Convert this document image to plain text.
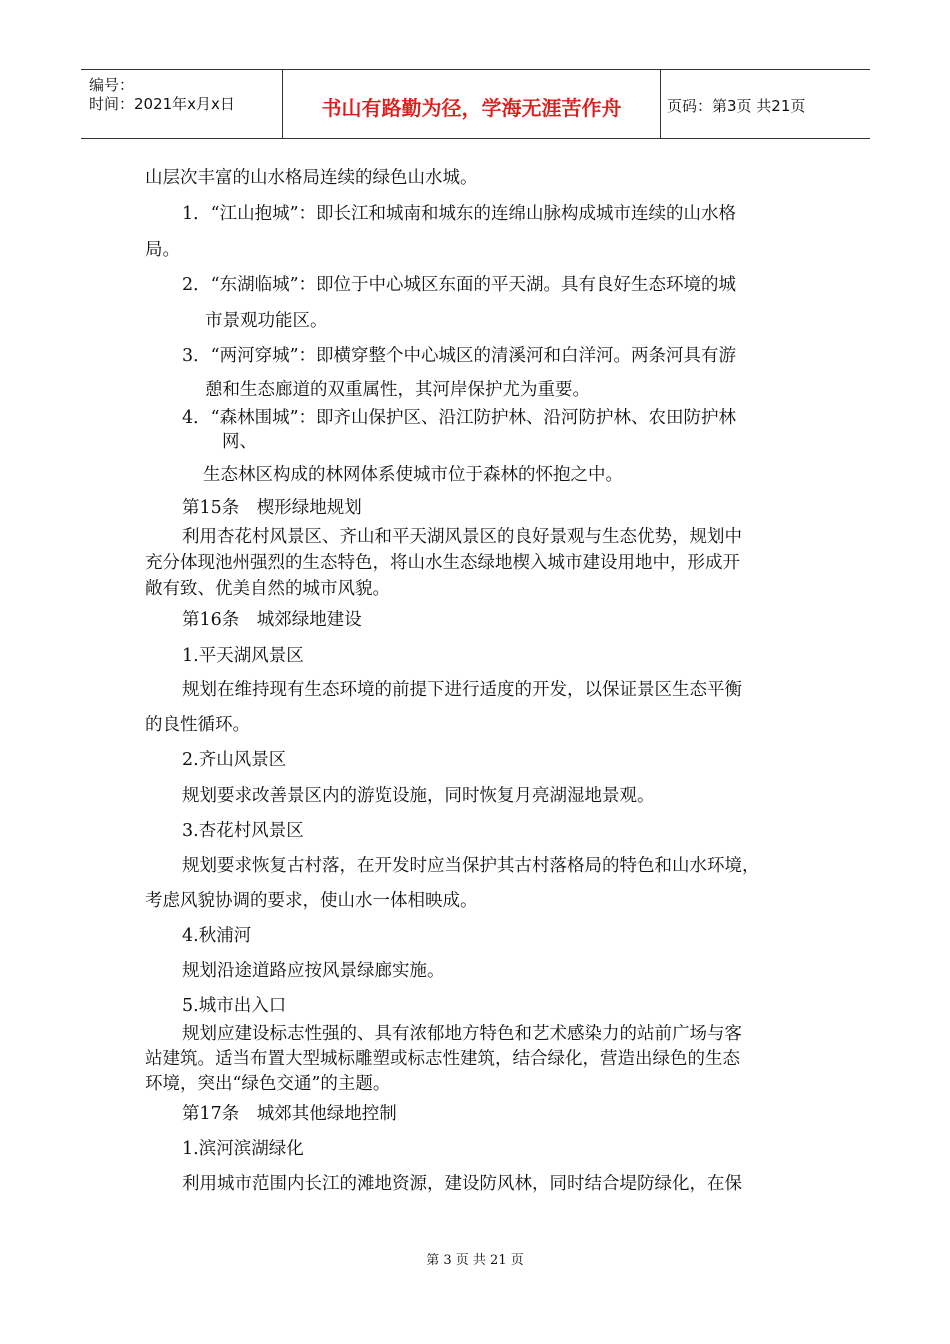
编号：
时间：2021年x月x日	书山有路勤为径，学海无涯苦作舟	页码：第3页 共21页
山层次丰富的山水格局连续的绿色山水城。
1．“江山抱城”：即长江和城南和城东的连绵山脉构成城市连续的山水格
局。
2．“东湖临城”：即位于中心城区东面的平天湖。具有良好生态环境的城
市景观功能区。
3．“两河穿城”：即横穿整个中心城区的清溪河和白洋河。两条河具有游
憩和生态廊道的双重属性，其河岸保护尤为重要。
4．“森林围城”：即齐山保护区、沿江防护林、沿河防护林、农田防护林
网、
生态林区构成的林网体系使城市位于森林的怀抱之中。
第15条　楔形绿地规划
利用杏花村风景区、齐山和平天湖风景区的良好景观与生态优势，规划中
充分体现池州强烈的生态特色，将山水生态绿地楔入城市建设用地中，形成开
敞有致、优美自然的城市风貌。
第16条　城郊绿地建设
1.平天湖风景区
规划在维持现有生态环境的前提下进行适度的开发，以保证景区生态平衡
的良性循环。
2.齐山风景区
规划要求改善景区内的游览设施，同时恢复月亮湖湿地景观。
3.杏花村风景区
规划要求恢复古村落，在开发时应当保护其古村落格局的特色和山水环境，
考虑风貌协调的要求，使山水一体相映成。
4.秋浦河
规划沿途道路应按风景绿廊实施。
5.城市出入口
规划应建设标志性强的、具有浓郁地方特色和艺术感染力的站前广场与客
站建筑。适当布置大型城标雕塑或标志性建筑，结合绿化，营造出绿色的生态
环境，突出“绿色交通”的主题。
第17条　城郊其他绿地控制
1.滨河滨湖绿化
利用城市范围内长江的滩地资源，建设防风林，同时结合堤防绿化，在保
第 3 页 共 21 页
